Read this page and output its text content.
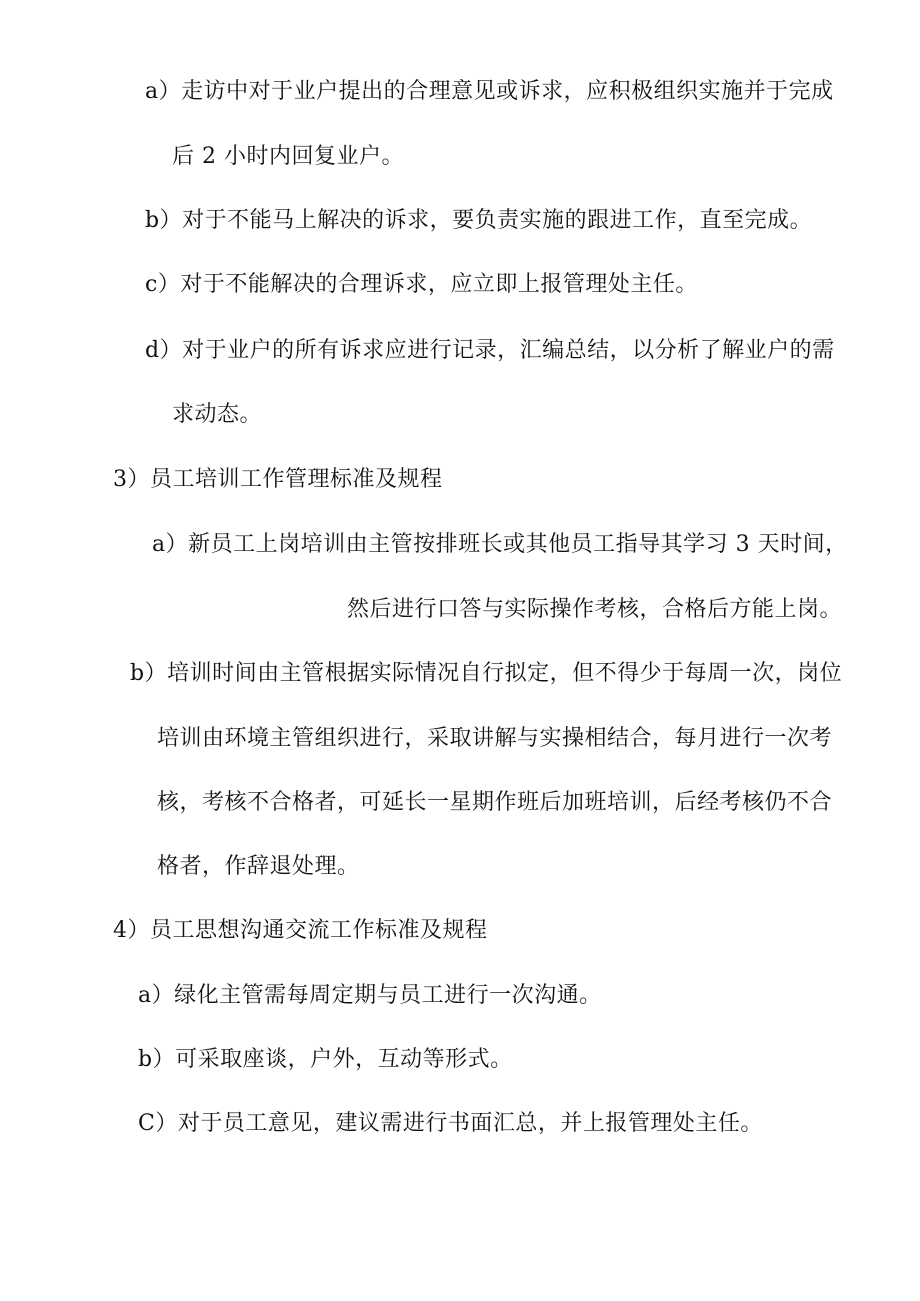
a）走访中对于业户提出的合理意见或诉求，应积极组织实施并于完成
后 2 小时内回复业户。
b）对于不能马上解决的诉求，要负责实施的跟进工作，直至完成。
c）对于不能解决的合理诉求，应立即上报管理处主任。
d）对于业户的所有诉求应进行记录，汇编总结，以分析了解业户的需
求动态。
3）员工培训工作管理标准及规程
a）新员工上岗培训由主管按排班长或其他员工指导其学习 3 天时间，
然后进行口答与实际操作考核，合格后方能上岗。
b）培训时间由主管根据实际情况自行拟定，但不得少于每周一次，岗位
培训由环境主管组织进行，采取讲解与实操相结合，每月进行一次考
核，考核不合格者，可延长一星期作班后加班培训，后经考核仍不合
格者，作辞退处理。
4）员工思想沟通交流工作标准及规程
a）绿化主管需每周定期与员工进行一次沟通。
b）可采取座谈，户外，互动等形式。
C）对于员工意见，建议需进行书面汇总，并上报管理处主任。
